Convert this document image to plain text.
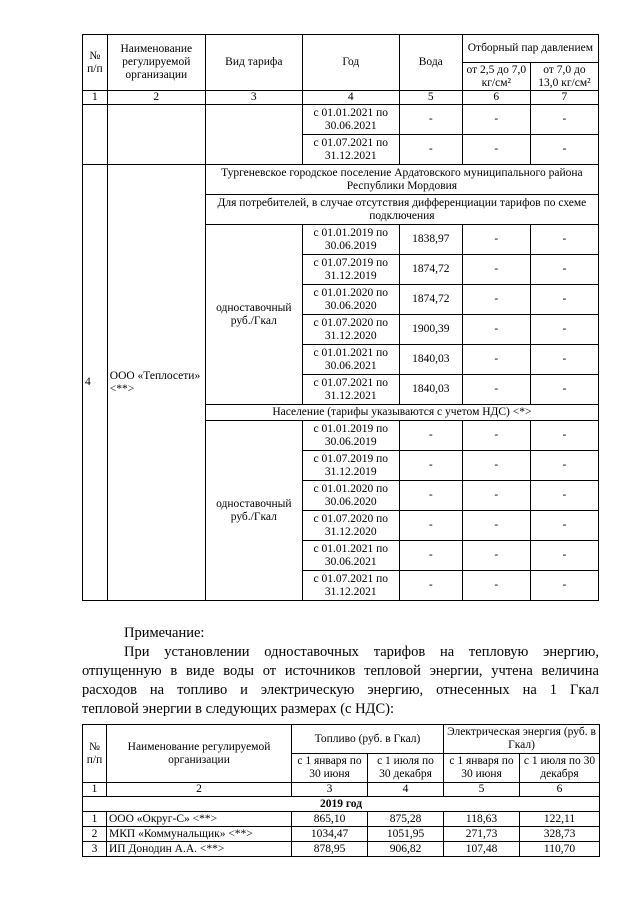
№ п/п	Наименование регулируемой организации	Вид тарифа	Год	Вода	Отборный пар давлением	
					от 2,5 до 7,0 кг/см²	от 7,0 до 13,0 кг/см²
1	2	3	4	5	6	7
			с 01.01.2021 по 30.06.2021	-	-	-
			с 01.07.2021 по 31.12.2021	-	-	-
4	ООО «Теплосети» <**>	Тургеневское городское поселение Ардатовского муниципального района Республики Мордовия				
		Для потребителей, в случае отсутствия дифференциации тарифов по схеме подключения				
		одноставочный руб./Гкал	с 01.01.2019 по 30.06.2019	1838,97	-	-
			с 01.07.2019 по 31.12.2019	1874,72	-	-
			с 01.01.2020 по 30.06.2020	1874,72	-	-
			с 01.07.2020 по 31.12.2020	1900,39	-	-
			с 01.01.2021 по 30.06.2021	1840,03	-	-
			с 01.07.2021 по 31.12.2021	1840,03	-	-
		Население (тарифы указываются с учетом НДС) <*>				
		одноставочный руб./Гкал	с 01.01.2019 по 30.06.2019	-	-	-
			с 01.07.2019 по 31.12.2019	-	-	-
			с 01.01.2020 по 30.06.2020	-	-	-
			с 01.07.2020 по 31.12.2020	-	-	-
			с 01.01.2021 по 30.06.2021	-	-	-
			с 01.07.2021 по 31.12.2021	-	-	-
Примечание:
При установлении одноставочных тарифов на тепловую энергию,
отпущенную в виде воды от источников тепловой энергии, учтена величина
расходов на топливо и электрическую энергию, отнесенных на 1 Гкал
тепловой энергии в следующих размерах (с НДС):
№ п/п	Наименование регулируемой организации	Топливо (руб. в Гкал)		Электрическая энергия (руб. в Гкал)	
		с 1 января по 30 июня	с 1 июля по 30 декабря	с 1 января по 30 июня	с 1 июля по 30 декабря
1	2	3	4	5	6
2019 год					
1	ООО «Округ-С» <**>	865,10	875,28	118,63	122,11
2	МКП «Коммунальщик» <**>	1034,47	1051,95	271,73	328,73
3	ИП Донодин А.А. <**>	878,95	906,82	107,48	110,70
